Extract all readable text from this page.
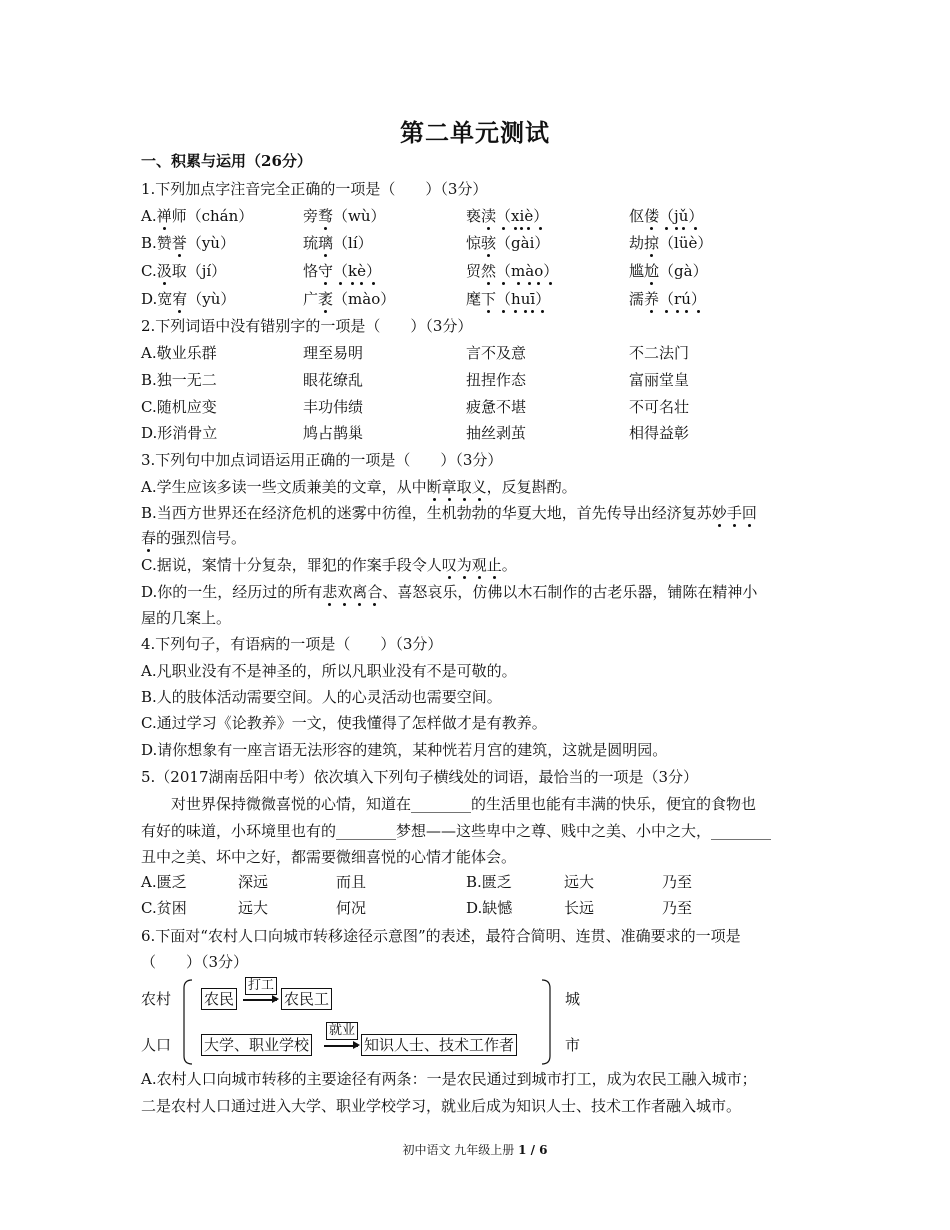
第二单元测试
一、积累与运用（26分）
1.下列加点字注音完全正确的一项是（　　）（3分）
A.禅师（chán）	旁骛（wù）	亵渎（xiè）	伛偻（jǔ）
B.赞誉（yù）	琉璃（lí）	惊骇（gài）	劫掠（lüè）
C.汲取（jí）	恪守（kè）	贸然（mào）	尴尬（gà）
D.宽宥（yù）	广袤（mào）	麾下（huī）	濡养（rú）
2.下列词语中没有错别字的一项是（　　）（3分）
A.敬业乐群	理至易明	言不及意	不二法门
B.独一无二	眼花缭乱	扭捏作态	富丽堂皇
C.随机应变	丰功伟绩	疲惫不堪	不可名壮
D.形消骨立	鸠占鹊巢	抽丝剥茧	相得益彰
3.下列句中加点词语运用正确的一项是（　　）（3分）
A.学生应该多读一些文质兼美的文章，从中断章取义，反复斟酌。
B.当西方世界还在经济危机的迷雾中彷徨，生机勃勃的华夏大地，首先传导出经济复苏妙手回
春的强烈信号。
C.据说，案情十分复杂，罪犯的作案手段令人叹为观止。
D.你的一生，经历过的所有悲欢离合、喜怒哀乐，仿佛以木石制作的古老乐器，铺陈在精神小
屋的几案上。
4.下列句子，有语病的一项是（　　）（3分）
A.凡职业没有不是神圣的，所以凡职业没有不是可敬的。
B.人的肢体活动需要空间。人的心灵活动也需要空间。
C.通过学习《论教养》一文，使我懂得了怎样做才是有教养。
D.请你想象有一座言语无法形容的建筑，某种恍若月宫的建筑，这就是圆明园。
5.（2017湖南岳阳中考）依次填入下列句子横线处的词语，最恰当的一项是（3分）
对世界保持微微喜悦的心情，知道在________的生活里也能有丰满的快乐，便宜的食物也
有好的味道，小环境里也有的________梦想——这些卑中之尊、贱中之美、小中之大，________
丑中之美、坏中之好，都需要微细喜悦的心情才能体会。
A.匮乏	深远	而且	B.匮乏	远大	乃至
C.贫困	远大	何况	D.缺憾	长远	乃至
6.下面对“农村人口向城市转移途径示意图”的表述，最符合简明、连贯、准确要求的一项是
（　　）（3分）
农村
人口
农民
打工
农民工
大学、职业学校
就业
知识人士、技术工作者
城
市
A.农村人口向城市转移的主要途径有两条：一是农民通过到城市打工，成为农民工融入城市；
二是农村人口通过进入大学、职业学校学习，就业后成为知识人士、技术工作者融入城市。
初中语文 九年级上册 1 / 6
